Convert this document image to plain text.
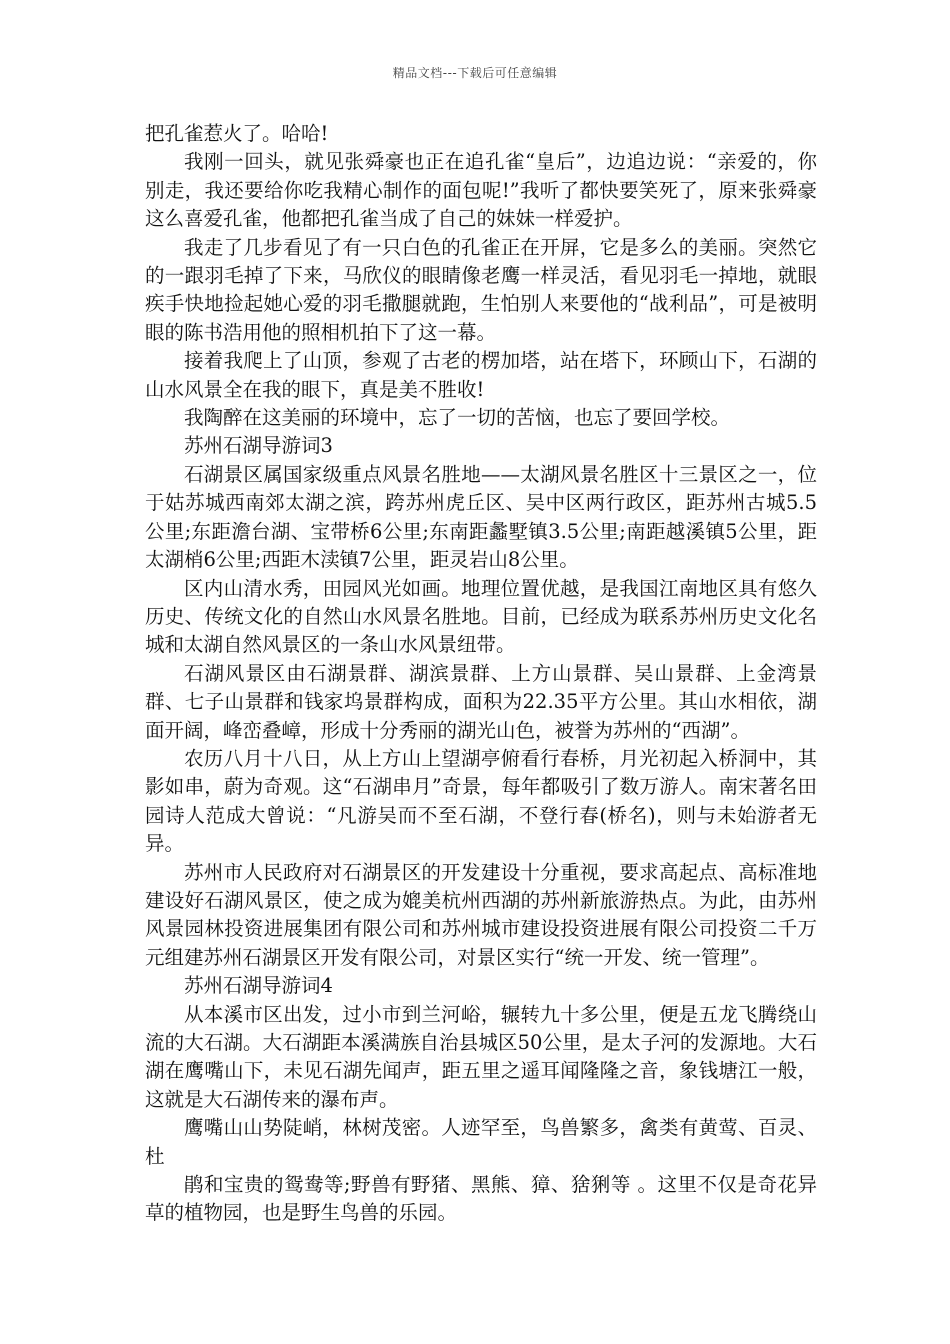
精品文档---下载后可任意编辑

把孔雀惹火了。哈哈!

我刚一回头，就见张舜豪也正在追孔雀“皇后”，边追边说：“亲爱的，你别走，我还要给你吃我精心制作的面包呢!”我听了都快要笑死了，原来张舜豪这么喜爱孔雀，他都把孔雀当成了自己的妹妹一样爱护。

我走了几步看见了有一只白色的孔雀正在开屏，它是多么的美丽。突然它的一跟羽毛掉了下来，马欣仪的眼睛像老鹰一样灵活，看见羽毛一掉地，就眼疾手快地捡起她心爱的羽毛撒腿就跑，生怕别人来要他的“战利品”，可是被明眼的陈书浩用他的照相机拍下了这一幕。

接着我爬上了山顶，参观了古老的楞加塔，站在塔下，环顾山下，石湖的山水风景全在我的眼下，真是美不胜收!

我陶醉在这美丽的环境中，忘了一切的苦恼，也忘了要回学校。

苏州石湖导游词3

石湖景区属国家级重点风景名胜地——太湖风景名胜区十三景区之一，位于姑苏城西南郊太湖之滨，跨苏州虎丘区、吴中区两行政区，距苏州古城5.5公里;东距澹台湖、宝带桥6公里;东南距蠡墅镇3.5公里;南距越溪镇5公里，距太湖梢6公里;西距木渎镇7公里，距灵岩山8公里。

区内山清水秀，田园风光如画。地理位置优越，是我国江南地区具有悠久历史、传统文化的自然山水风景名胜地。目前，已经成为联系苏州历史文化名城和太湖自然风景区的一条山水风景纽带。

石湖风景区由石湖景群、湖滨景群、上方山景群、吴山景群、上金湾景群、七子山景群和钱家坞景群构成，面积为22.35平方公里。其山水相依，湖面开阔，峰峦叠嶂，形成十分秀丽的湖光山色，被誉为苏州的“西湖”。

农历八月十八日，从上方山上望湖亭俯看行春桥，月光初起入桥洞中，其影如串，蔚为奇观。这“石湖串月”奇景，每年都吸引了数万游人。南宋著名田园诗人范成大曾说：“凡游吴而不至石湖，不登行春(桥名)，则与未始游者无异。

苏州市人民政府对石湖景区的开发建设十分重视，要求高起点、高标准地建设好石湖风景区，使之成为媲美杭州西湖的苏州新旅游热点。为此，由苏州风景园林投资进展集团有限公司和苏州城市建设投资进展有限公司投资二千万元组建苏州石湖景区开发有限公司，对景区实行“统一开发、统一管理”。

苏州石湖导游词4

从本溪市区出发，过小市到兰河峪，辗转九十多公里，便是五龙飞腾绕山流的大石湖。大石湖距本溪满族自治县城区50公里，是太子河的发源地。大石湖在鹰嘴山下，未见石湖先闻声，距五里之遥耳闻隆隆之音，象钱塘江一般，这就是大石湖传来的瀑布声。

鹰嘴山山势陡峭，林树茂密。人迹罕至，鸟兽繁多，禽类有黄莺、百灵、杜

鹃和宝贵的鸳鸯等;野兽有野猪、黑熊、獐、猞猁等 。这里不仅是奇花异草的植物园，也是野生鸟兽的乐园。
